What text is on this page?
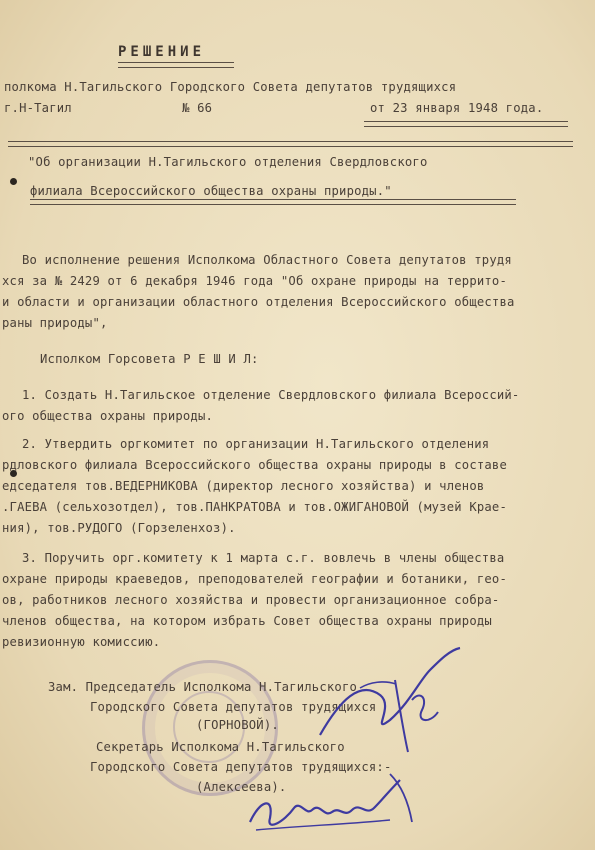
РЕШЕНИЕ
полкома Н.Тагильского Городского Совета депутатов трудящихся
г.Н-Тагил	№ 66	от 23 января 1948 года.
"Об организации Н.Тагильского отделения Свердловского
филиала Всероссийского общества охраны природы."
Во исполнение решения Исполкома Областного Совета депутатов трудя
хся за № 2429 от 6 декабря 1946 года "Об охране природы на террито-
и области и организации областного отделения Всероссийского общества
раны природы",
Исполком Горсовета Р Е Ш И Л:
1. Создать Н.Тагильское отделение Свердловского филиала Всероссий-
ого общества охраны природы.
2. Утвердить оргкомитет по организации Н.Тагильского отделения
рдловского филиала Всероссийского общества охраны природы в составе
едседателя тов.ВЕДЕРНИКОВА (директор лесного хозяйства) и членов
.ГАЕВА (сельхозотдел), тов.ПАНКРАТОВА и тов.ОЖИГАНОВОЙ (музей Крае-
ния), тов.РУДОГО (Горзеленхоз).
3. Поручить орг.комитету к 1 марта с.г. вовлечь в члены общества
охране природы краеведов, преподователей географии и ботаники, гео-
ов, работников лесного хозяйства и провести организационное собра-
членов общества, на котором избрать Совет общества охраны природы
ревизионную комиссию.
Зам. Председатель Исполкома Н.Тагильского
Городского Совета депутатов трудящихся
(ГОРНОВОЙ).
Секретарь Исполкома Н.Тагильского
Городского Совета депутатов трудящихся:-
(Алексеева).
